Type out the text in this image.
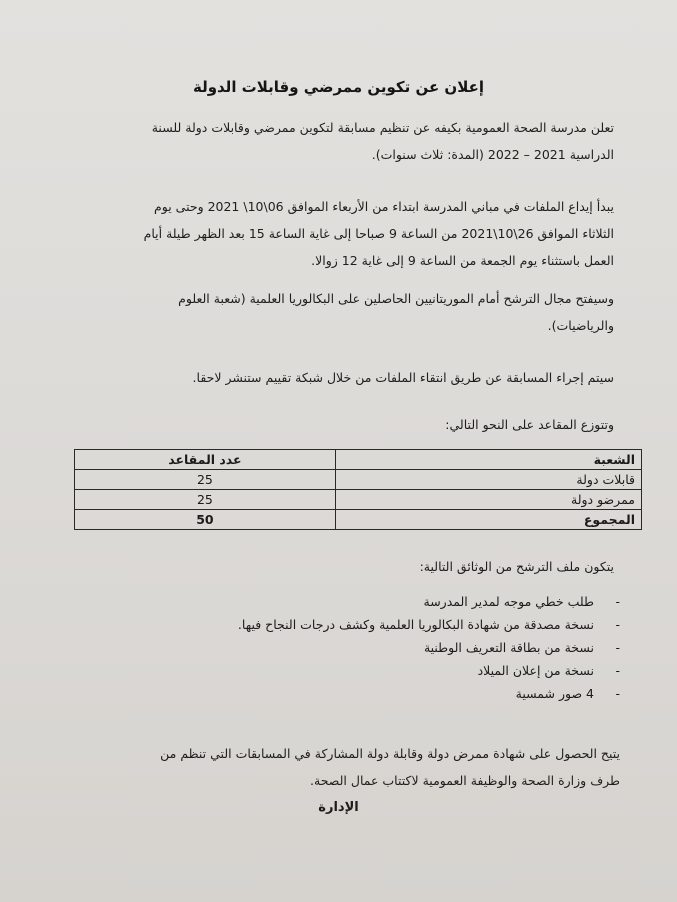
إعلان عن تكوين ممرضي وقابلات الدولة
تعلن مدرسة الصحة العمومية بكيفه عن تنظيم مسابقة لتكوين ممرضي وقابلات دولة للسنة
الدراسية 2021 – 2022 (المدة: ثلاث سنوات).
يبدأ إيداع الملفات في مباني المدرسة ابتداء من الأربعاء الموافق 06\10\ 2021 وحتى يوم
الثلاثاء الموافق 26\10\2021 من الساعة 9 صباحا إلى غاية الساعة 15 بعد الظهر طيلة أيام
العمل باستثناء يوم الجمعة من الساعة 9 إلى غاية 12 زوالا.
وسيفتح مجال الترشح أمام الموريتانيين الحاصلين على البكالوريا العلمية (شعبة العلوم
والرياضيات).
سيتم إجراء المسابقة عن طريق انتقاء الملفات من خلال شبكة تقييم ستنشر لاحقا.
وتتوزع المقاعد على النحو التالي:
الشعبة	عدد المقاعد
قابلات دولة	25
ممرضو دولة	25
المجموع	50
يتكون ملف الترشح من الوثائق التالية:
- طلب خطي موجه لمدير المدرسة
- نسخة مصدقة من شهادة البكالوريا العلمية وكشف درجات النجاح فيها.
- نسخة من بطاقة التعريف الوطنية
- نسخة من إعلان الميلاد
- 4 صور شمسية
يتيح الحصول على شهادة ممرض دولة وقابلة دولة المشاركة في المسابقات التي تنظم من
طرف وزارة الصحة والوظيفة العمومية لاكتتاب عمال الصحة.
الإدارة
